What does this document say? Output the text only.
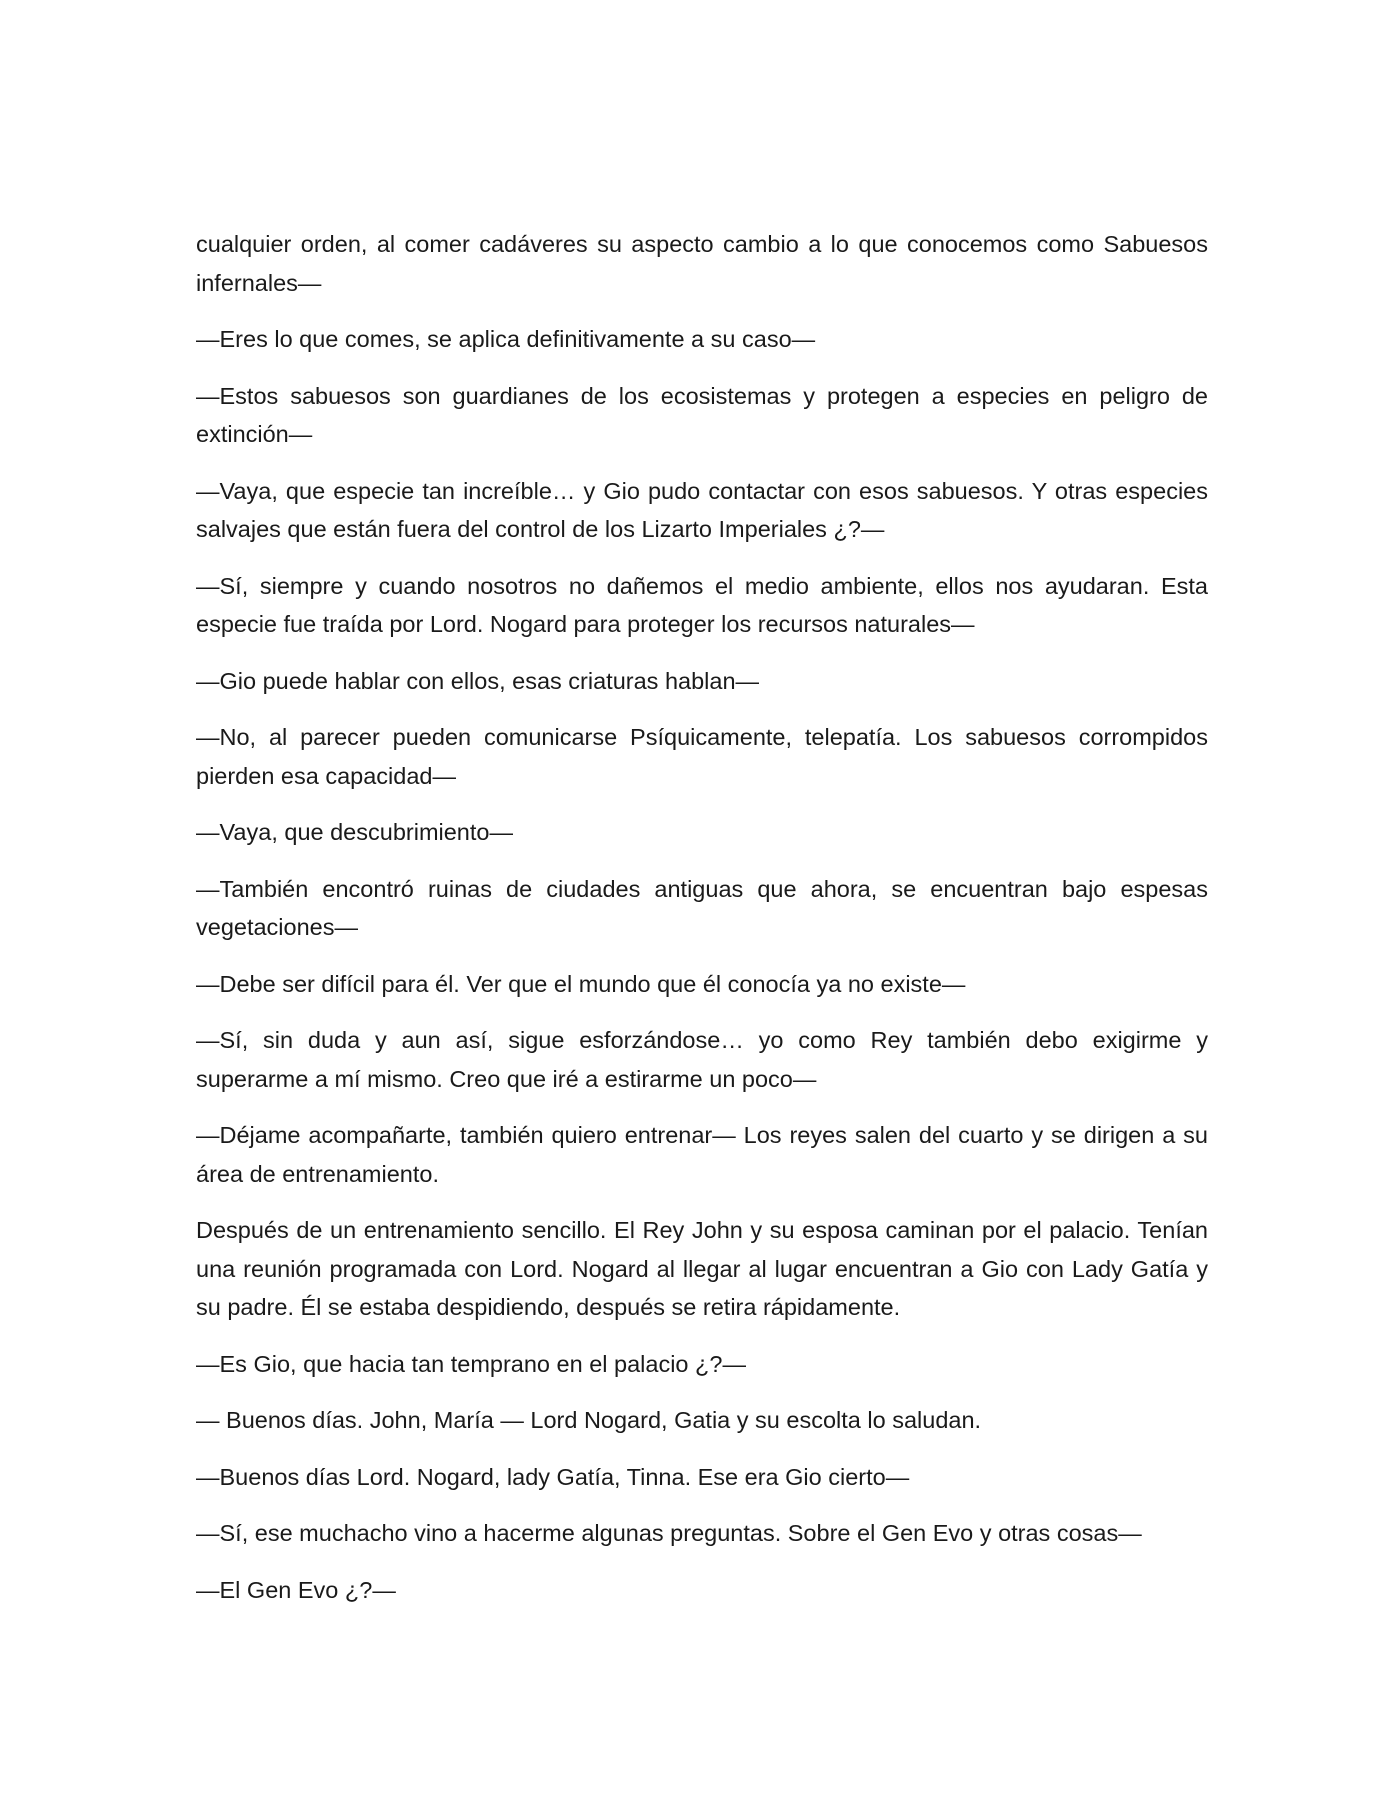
cualquier orden, al comer cadáveres su aspecto cambio a lo que conocemos como Sabuesos infernales—

—Eres lo que comes, se aplica definitivamente a su caso—

—Estos sabuesos son guardianes de los ecosistemas y protegen a especies en peligro de extinción—

—Vaya, que especie tan increíble… y Gio pudo contactar con esos sabuesos. Y otras especies salvajes que están fuera del control de los Lizarto Imperiales ¿?—

—Sí, siempre y cuando nosotros no dañemos el medio ambiente, ellos nos ayudaran. Esta especie fue traída por Lord. Nogard para proteger los recursos naturales—

—Gio puede hablar con ellos, esas criaturas hablan—

—No, al parecer pueden comunicarse Psíquicamente, telepatía. Los sabuesos corrompidos pierden esa capacidad—

—Vaya, que descubrimiento—

—También encontró ruinas de ciudades antiguas que ahora, se encuentran bajo espesas vegetaciones—

—Debe ser difícil para él. Ver que el mundo que él conocía ya no existe—

—Sí, sin duda y aun así, sigue esforzándose… yo como Rey también debo exigirme y superarme a mí mismo. Creo que iré a estirarme un poco—

—Déjame acompañarte, también quiero entrenar— Los reyes salen del cuarto y se dirigen a su área de entrenamiento.

Después de un entrenamiento sencillo. El Rey John y su esposa caminan por el palacio. Tenían una reunión programada con Lord. Nogard al llegar al lugar encuentran a Gio con Lady Gatía y su padre. Él se estaba despidiendo, después se retira rápidamente.

—Es Gio, que hacia tan temprano en el palacio ¿?—

— Buenos días. John, María — Lord Nogard, Gatia y su escolta lo saludan.

—Buenos días Lord. Nogard, lady Gatía, Tinna. Ese era Gio cierto—

—Sí, ese muchacho vino a hacerme algunas preguntas. Sobre el Gen Evo y otras cosas—

—El Gen Evo ¿?—
